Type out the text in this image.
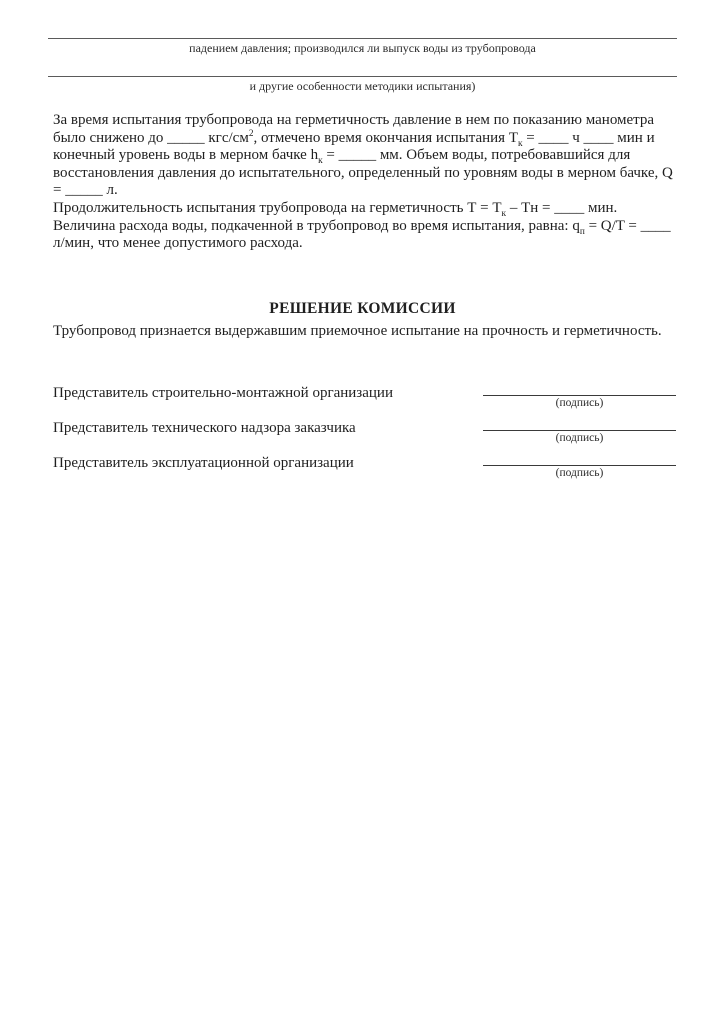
падением давления; производился ли выпуск воды из трубопровода
и другие особенности методики испытания)

За время испытания трубопровода на герметичность давление в нем по показанию манометра было снижено до _____ кгс/$см^2$, отмечено время окончания испытания $Т_к$ = ____ ч ____ мин и конечный уровень воды в мерном бачке $h_к$ = _____ мм. Объем воды, потребовавшийся для восстановления давления до испытательного, определенный по уровням воды в мерном бачке, Q = _____ л.

Продолжительность испытания трубопровода на герметичность $Т = Т_к$ – Тн = ____ мин. Величина расхода воды, подкаченной в трубопровод во время испытания, равна: $q_п = Q/T$ = ____ л/мин, что менее допустимого расхода.

РЕШЕНИЕ КОМИССИИ
Трубопровод признается выдержавшим приемочное испытание на прочность и герметичность.
Представитель строительно-монтажной организации
(подпись)
Представитель технического надзора заказчика
(подпись)
Представитель эксплуатационной организации
(подпись)
